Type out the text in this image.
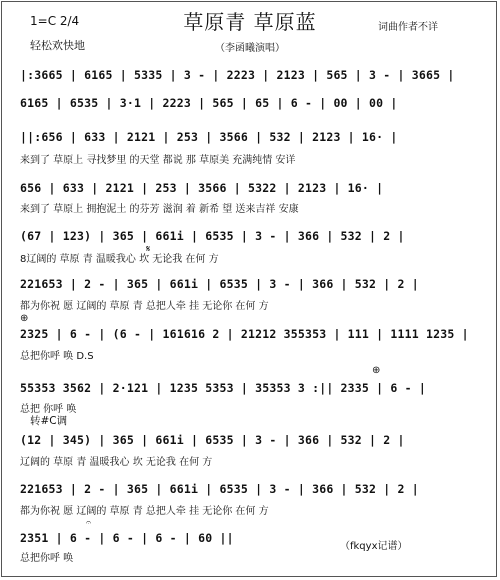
1=C 2/4
轻松欢快地
草原青 草原蓝
（李函曦演唱）
词曲作者不详
|:3665 | 6165 | 5335 | 3 - | 2223 | 2123 | 565 | 3 - | 3665 |
6165 | 6535 | 3·1 | 2223 | 565 | 65 | 6 - | 00 | 00 |
||:656 | 633 | 2121 | 253 | 3566 | 532 | 2123 | 16· |
来到了 草原上 寻找梦里 的天堂 都说 那 草原美 充满纯情 安详
656 | 633 | 2121 | 253 | 3566 | 5322 | 2123 | 16· |
来到了 草原上 拥抱泥土 的芬芳 滋润 着 新希 望 送来吉祥 安康
(67 | 123) | 365 | 661i | 6535 | 3 - | 366 | 532 | 2 |
8辽阔的 草原 青 温暖我心 坎 无论我 在何 方
221653 | 2 - | 365 | 661i | 6535 | 3 - | 366 | 532 | 2 |
都为你祝 愿 辽阔的 草原 青 总把人牵 挂 无论你 在何 方
⊕
2325 | 6 - | (6 - | 161616 2 | 21212 355353 | 111 | 1111 1235 |
总把你呼 唤 D.S
⊕
55353 3562 | 2·121 | 1235 5353 | 35353 3 :|| 2335 | 6 - |
总把 你呼 唤
转#C调
(12 | 345) | 365 | 661i | 6535 | 3 - | 366 | 532 | 2 |
辽阔的 草原 青 温暖我心 坎 无论我 在何 方
221653 | 2 - | 365 | 661i | 6535 | 3 - | 366 | 532 | 2 |
都为你祝 愿 辽阔的 草原 青 总把人牵 挂 无论你 在何 方
𝄐
2351 | 6 - | 6 - | 6 - | 60 ||
总把你呼 唤
（fkqyx记谱）
𝄋
